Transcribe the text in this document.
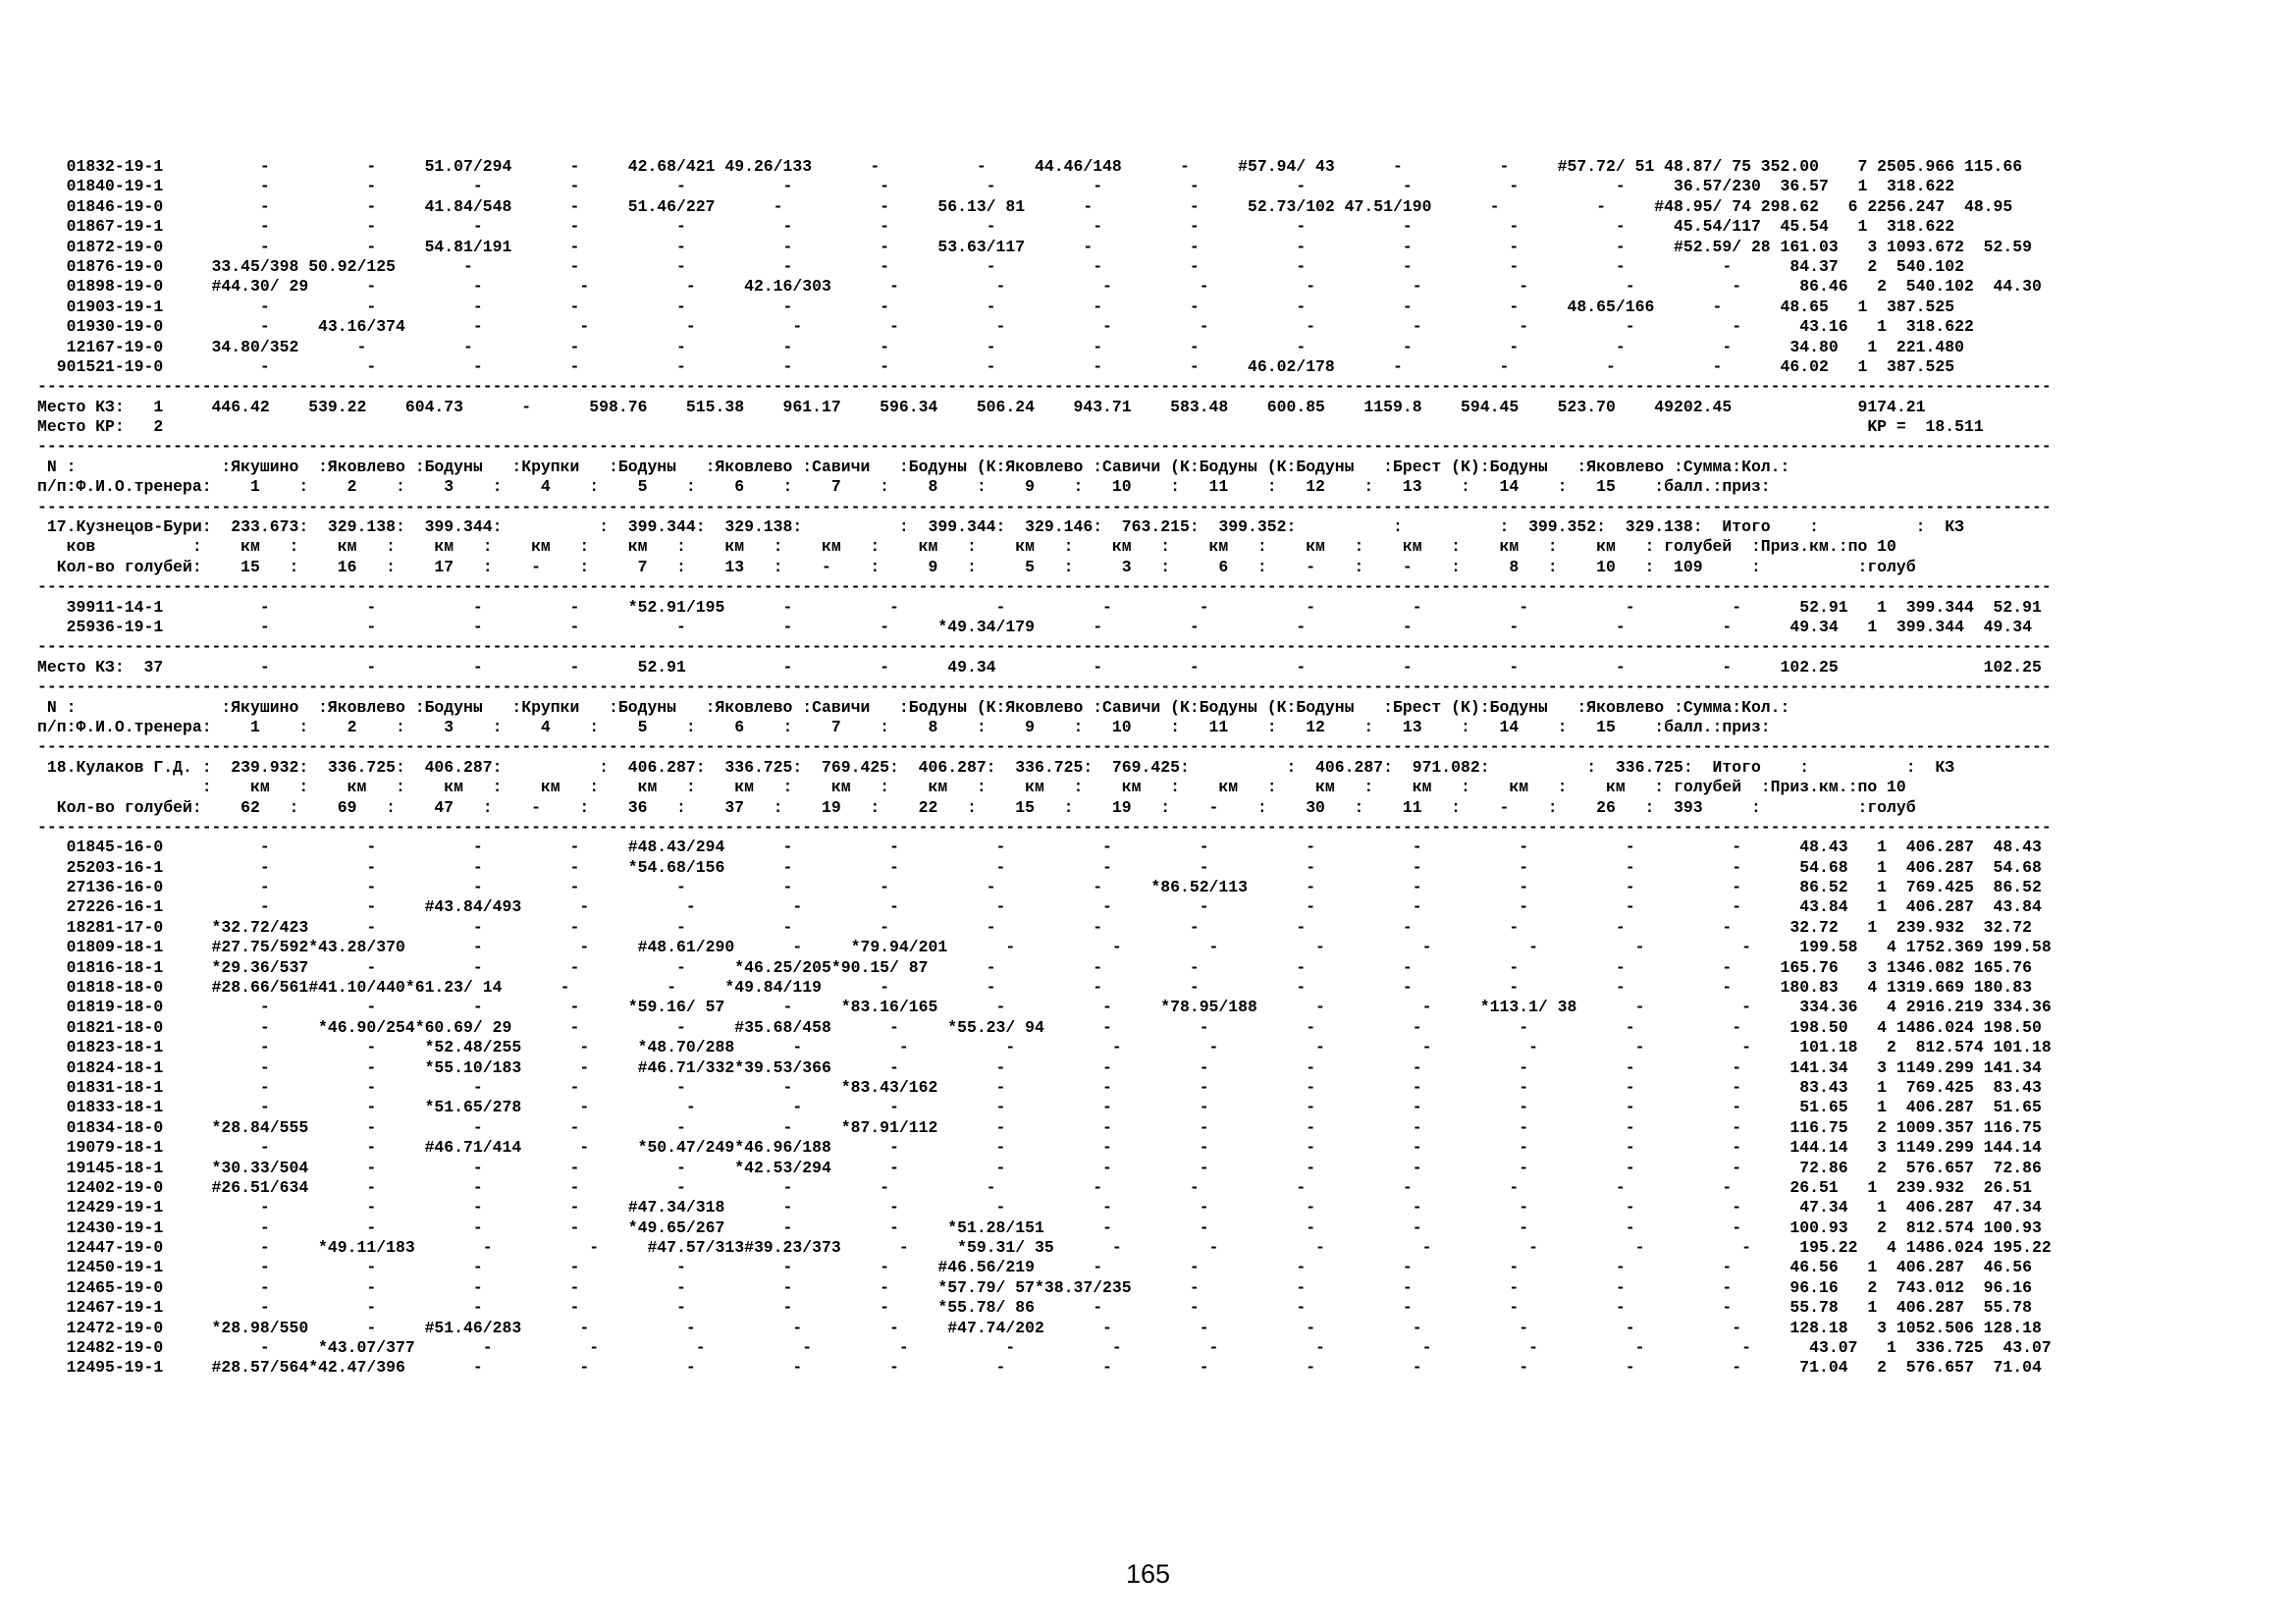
01832-19-1          -          -     51.07/294      -     42.68/421 49.26/133      -          -     44.46/148      -     #57.94/ 43      -          -     #57.72/ 51 48.87/ 75 352.00    7 2505.966 115.66
01840-19-1          -          -          -         -          -          -         -          -          -         -          -          -          -          -     36.57/230  36.57   1  318.622
01846-19-0          -          -     41.84/548      -     51.46/227      -          -     56.13/ 81      -          -     52.73/102 47.51/190      -          -     #48.95/ 74 298.62   6 2256.247  48.95
01867-19-1          -          -          -         -          -          -         -          -          -         -          -          -          -          -     45.54/117  45.54   1  318.622
01872-19-0          -          -     54.81/191      -          -          -         -     53.63/117      -          -          -          -          -          -     #52.59/ 28 161.03   3 1093.672  52.59
01876-19-0     33.45/398 50.92/125       -          -          -          -         -          -          -         -          -          -          -          -          -      84.37   2  540.102
01898-19-0     #44.30/ 29      -          -          -          -     42.16/303      -          -          -         -          -          -          -          -          -      86.46   2  540.102  44.30
01903-19-1          -          -          -         -          -          -         -          -          -         -          -          -          -     48.65/166      -      48.65   1  387.525
01930-19-0          -     43.16/374       -          -          -          -         -          -          -         -          -          -          -          -          -      43.16   1  318.622
12167-19-0     34.80/352      -          -          -          -          -         -          -          -         -          -          -          -          -          -      34.80   1  221.480
901521-19-0          -          -          -         -          -          -         -          -          -         -     46.02/178      -          -          -          -      46.02   1  387.525
----------------------------------------------------------------------------------------------------------------------------------------------------------------------------------------------------------------
Место КЗ:   1     446.42    539.22    604.73      -      598.76    515.38    961.17    596.34    506.24    943.71    583.48    600.85    1159.8    594.45    523.70    49202.45             9174.21
Место КР:   2                                                                                                                                                                                KР =  18.511
----------------------------------------------------------------------------------------------------------------------------------------------------------------------------------------------------------------
N :               :Якушино  :Яковлево :Бодуны   :Крупки   :Бодуны   :Яковлево :Савичи   :Бодуны (К:Яковлево :Савичи (К:Бодуны (К:Бодуны   :Брест (К):Бодуны   :Яковлево :Сумма:Кол.:
п/п:Ф.И.О.тренера:    1    :    2    :    3    :    4    :    5    :    6    :    7    :    8    :    9    :   10    :   11    :   12    :   13    :   14    :   15    :балл.:приз:
----------------------------------------------------------------------------------------------------------------------------------------------------------------------------------------------------------------
17.Кузнецов-Бури:  233.673:  329.138:  399.344:          :  399.344:  329.138:          :  399.344:  329.146:  763.215:  399.352:          :          :  399.352:  329.138:  Итого    :          :  КЗ
ков          :    км   :    км   :    км   :    км   :    км   :    км   :    км   :    км   :    км   :    км   :    км   :    км   :    км   :    км   :    км   : голубей  :Приз.км.:по 10
Кол-во голубей:    15   :    16   :    17   :    -    :     7   :    13   :    -    :     9   :     5   :     3   :     6   :    -    :    -    :     8   :    10   :  109     :          :голуб
----------------------------------------------------------------------------------------------------------------------------------------------------------------------------------------------------------------
39911-14-1          -          -          -         -     *52.91/195      -          -          -          -         -          -          -          -          -          -      52.91   1  399.344  52.91
25936-19-1          -          -          -         -          -          -         -     *49.34/179      -         -          -          -          -          -          -      49.34   1  399.344  49.34
----------------------------------------------------------------------------------------------------------------------------------------------------------------------------------------------------------------
Место КЗ:  37          -          -          -         -      52.91          -         -      49.34          -         -          -          -          -          -          -     102.25               102.25
----------------------------------------------------------------------------------------------------------------------------------------------------------------------------------------------------------------
N :               :Якушино  :Яковлево :Бодуны   :Крупки   :Бодуны   :Яковлево :Савичи   :Бодуны (К:Яковлево :Савичи (К:Бодуны (К:Бодуны   :Брест (К):Бодуны   :Яковлево :Сумма:Кол.:
п/п:Ф.И.О.тренера:    1    :    2    :    3    :    4    :    5    :    6    :    7    :    8    :    9    :   10    :   11    :   12    :   13    :   14    :   15    :балл.:приз:
----------------------------------------------------------------------------------------------------------------------------------------------------------------------------------------------------------------
18.Кулаков Г.Д. :  239.932:  336.725:  406.287:          :  406.287:  336.725:  769.425:  406.287:  336.725:  769.425:          :  406.287:  971.082:          :  336.725:  Итого    :          :  КЗ
:    км   :    км   :    км   :    км   :    км   :    км   :    км   :    км   :    км   :    км   :    км   :    км   :    км   :    км   :    км   : голубей  :Приз.км.:по 10
Кол-во голубей:    62   :    69   :    47   :    -    :    36   :    37   :    19   :    22   :    15   :    19   :    -    :    30   :    11   :    -    :    26   :  393     :          :голуб
----------------------------------------------------------------------------------------------------------------------------------------------------------------------------------------------------------------
01845-16-0          -          -          -         -     #48.43/294      -          -          -          -         -          -          -          -          -          -      48.43   1  406.287  48.43
25203-16-1          -          -          -         -     *54.68/156      -          -          -          -         -          -          -          -          -          -      54.68   1  406.287  54.68
27136-16-0          -          -          -         -          -          -         -          -          -     *86.52/113      -          -          -          -          -      86.52   1  769.425  86.52
27226-16-1          -          -     #43.84/493      -          -          -         -          -          -         -          -          -          -          -          -      43.84   1  406.287  43.84
18281-17-0     *32.72/423      -          -         -          -          -         -          -          -         -          -          -          -          -          -      32.72   1  239.932  32.72
01809-18-1     #27.75/592*43.28/370       -          -     #48.61/290      -     *79.94/201      -          -         -          -          -          -          -          -     199.58   4 1752.369 199.58
01816-18-1     *29.36/537      -          -         -          -     *46.25/205*90.15/ 87      -          -         -          -          -          -          -          -     165.76   3 1346.082 165.76
01818-18-0     #28.66/561#41.10/440*61.23/ 14      -          -     *49.84/119      -          -          -         -          -          -          -          -          -     180.83   4 1319.669 180.83
01819-18-0          -          -          -         -     *59.16/ 57      -     *83.16/165      -          -     *78.95/188      -          -     *113.1/ 38      -          -     334.36   4 2916.219 334.36
01821-18-0          -     *46.90/254*60.69/ 29      -          -     #35.68/458      -     *55.23/ 94      -         -          -          -          -          -          -     198.50   4 1486.024 198.50
01823-18-1          -          -     *52.48/255      -     *48.70/288      -          -          -          -         -          -          -          -          -          -     101.18   2  812.574 101.18
01824-18-1          -          -     *55.10/183      -     #46.71/332*39.53/366      -          -          -         -          -          -          -          -          -     141.34   3 1149.299 141.34
01831-18-1          -          -          -         -          -          -     *83.43/162      -          -         -          -          -          -          -          -      83.43   1  769.425  83.43
01833-18-1          -          -     *51.65/278      -          -          -         -          -          -         -          -          -          -          -          -      51.65   1  406.287  51.65
01834-18-0     *28.84/555      -          -         -          -          -     *87.91/112      -          -         -          -          -          -          -          -     116.75   2 1009.357 116.75
19079-18-1          -          -     #46.71/414      -     *50.47/249*46.96/188      -          -          -         -          -          -          -          -          -     144.14   3 1149.299 144.14
19145-18-1     *30.33/504      -          -         -          -     *42.53/294      -          -          -         -          -          -          -          -          -      72.86   2  576.657  72.86
12402-19-0     #26.51/634      -          -         -          -          -         -          -          -         -          -          -          -          -          -      26.51   1  239.932  26.51
12429-19-1          -          -          -         -     #47.34/318      -          -          -          -         -          -          -          -          -          -      47.34   1  406.287  47.34
12430-19-1          -          -          -         -     *49.65/267      -          -     *51.28/151      -         -          -          -          -          -          -     100.93   2  812.574 100.93
12447-19-0          -     *49.11/183       -          -     #47.57/313#39.23/373      -     *59.31/ 35      -         -          -          -          -          -          -     195.22   4 1486.024 195.22
12450-19-1          -          -          -         -          -          -         -     #46.56/219      -         -          -          -          -          -          -      46.56   1  406.287  46.56
12465-19-0          -          -          -         -          -          -         -     *57.79/ 57*38.37/235      -          -          -          -          -          -      96.16   2  743.012  96.16
12467-19-1          -          -          -         -          -          -         -     *55.78/ 86      -         -          -          -          -          -          -      55.78   1  406.287  55.78
12472-19-0     *28.98/550      -     #51.46/283      -          -          -         -     #47.74/202      -         -          -          -          -          -          -     128.18   3 1052.506 128.18
12482-19-0          -     *43.07/377       -          -          -          -         -          -          -         -          -          -          -          -          -      43.07   1  336.725  43.07
12495-19-1     #28.57/564*42.47/396       -          -          -          -         -          -          -         -          -          -          -          -          -      71.04   2  576.657  71.04
165
